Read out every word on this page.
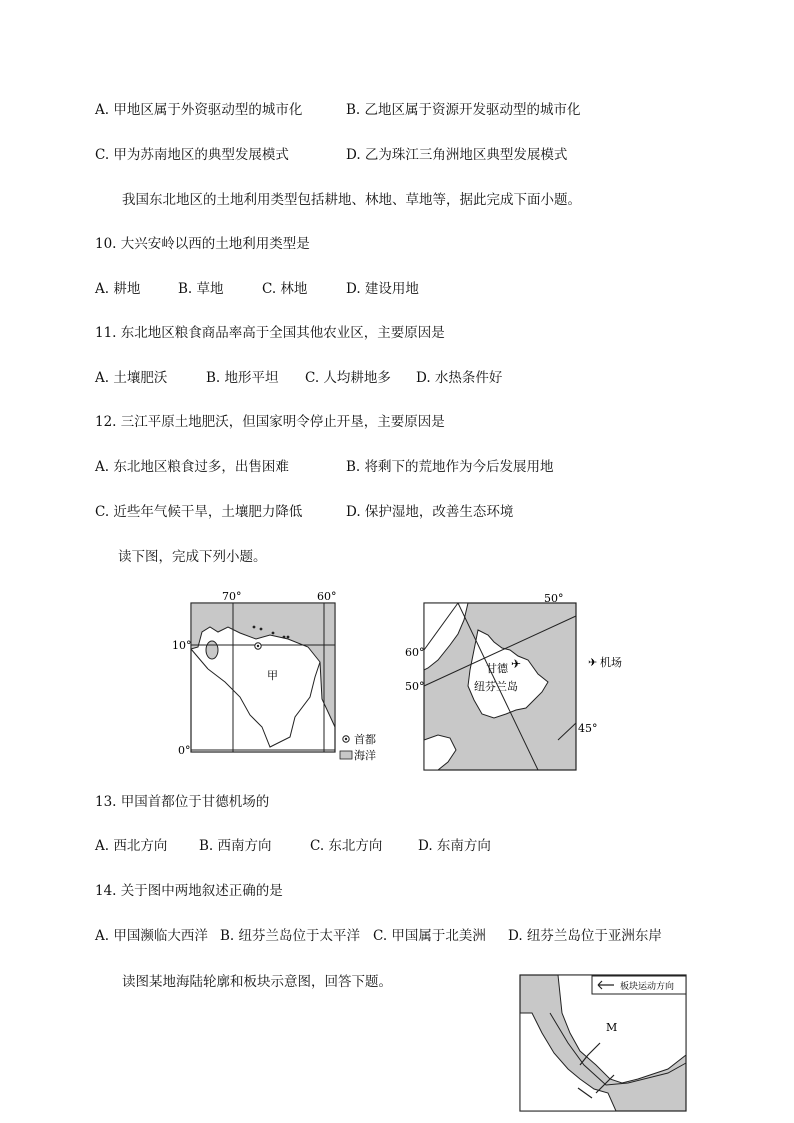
A. 甲地区属于外资驱动型的城市化	B. 乙地区属于资源开发驱动型的城市化
C. 甲为苏南地区的典型发展模式	D. 乙为珠江三角洲地区典型发展模式
我国东北地区的土地利用类型包括耕地、林地、草地等，据此完成下面小题。
10. 大兴安岭以西的土地利用类型是
A. 耕地	B. 草地	C. 林地	D. 建设用地
11. 东北地区粮食商品率高于全国其他农业区，主要原因是
A. 土壤肥沃	B. 地形平坦 C. 人均耕地多 D. 水热条件好
12. 三江平原土地肥沃，但国家明令停止开垦，主要原因是
A. 东北地区粮食过多，出售困难	B. 将剩下的荒地作为今后发展用地
C. 近些年气候干旱，土壤肥力降低	D. 保护湿地，改善生态环境
读下图，完成下列小题。
70°	60°
10°
0°
甲
首都
海洋
✈
50°
60°
50°
45°
甘德
纽芬兰岛
✈ 机场
13. 甲国首都位于甘德机场的
A. 西北方向 B. 西南方向	C. 东北方向	D. 东南方向
14. 关于图中两地叙述正确的是
A. 甲国濒临大西洋 B. 纽芬兰岛位于太平洋 C. 甲国属于北美洲 D. 纽芬兰岛位于亚洲东岸
读图某地海陆轮廓和板块示意图，回答下题。	板块运动方向
M
